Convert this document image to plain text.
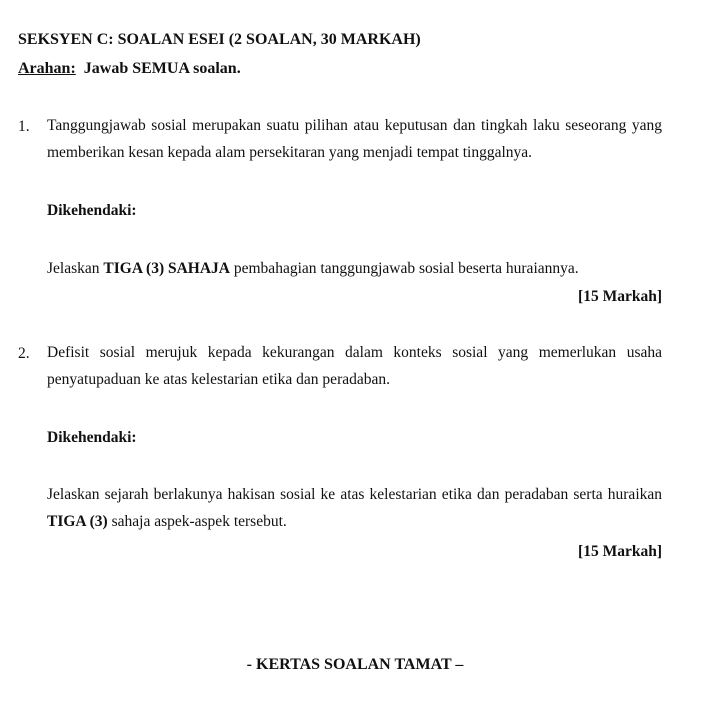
SEKSYEN C: SOALAN ESEI (2 SOALAN, 30 MARKAH)
Arahan: Jawab SEMUA soalan.
1. Tanggungjawab sosial merupakan suatu pilihan atau keputusan dan tingkah laku seseorang yang memberikan kesan kepada alam persekitaran yang menjadi tempat tinggalnya.
Dikehendaki:
Jelaskan TIGA (3) SAHAJA pembahagian tanggungjawab sosial beserta huraiannya.
[15 Markah]
2. Defisit sosial merujuk kepada kekurangan dalam konteks sosial yang memerlukan usaha penyatupaduan ke atas kelestarian etika dan peradaban.
Dikehendaki:
Jelaskan sejarah berlakunya hakisan sosial ke atas kelestarian etika dan peradaban serta huraikan TIGA (3) sahaja aspek-aspek tersebut.
[15 Markah]
- KERTAS SOALAN TAMAT –
